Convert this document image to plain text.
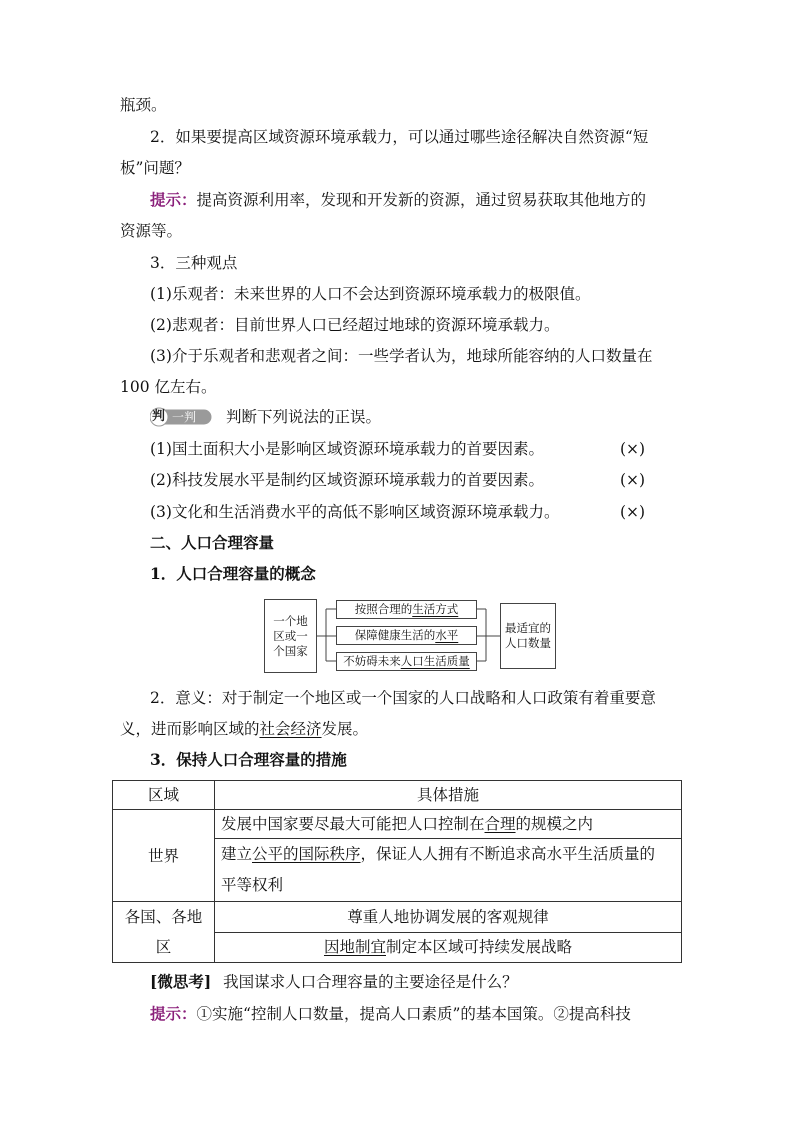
瓶颈。
2．如果要提高区域资源环境承载力，可以通过哪些途径解决自然资源“短
板”问题？
提示：提高资源利用率，发现和开发新的资源，通过贸易获取其他地方的
资源等。
3．三种观点
(1)乐观者：未来世界的人口不会达到资源环境承载力的极限值。
(2)悲观者：目前世界人口已经超过地球的资源环境承载力。
(3)介于乐观者和悲观者之间：一些学者认为，地球所能容纳的人口数量在
100 亿左右。
判 一判 判断下列说法的正误。
(1)国土面积大小是影响区域资源环境承载力的首要因素。	(×)
(2)科技发展水平是制约区域资源环境承载力的首要因素。	(×)
(3)文化和生活消费水平的高低不影响区域资源环境承载力。	(×)
二、人口合理容量
1．人口合理容量的概念
一个地
区或一
个国家
按照合理的 生活方式
保障健康生活的 水平
不妨碍未来 人口生活质量
最适宜的
人口数量
2．意义：对于制定一个地区或一个国家的人口战略和人口政策有着重要意
义，进而影响区域的社会经济发展。
3．保持人口合理容量的措施
区域	具体措施
世界	发展中国家要尽最大可能把人口控制在合理的规模之内
	建立公平的国际秩序，保证人人拥有不断追求高水平生活质量的
平等权利
各国、各地
区	尊重人地协调发展的客观规律
	因地制宜制定本区域可持续发展战略
[微思考] 我国谋求人口合理容量的主要途径是什么？
提示：①实施“控制人口数量，提高人口素质”的基本国策。②提高科技
